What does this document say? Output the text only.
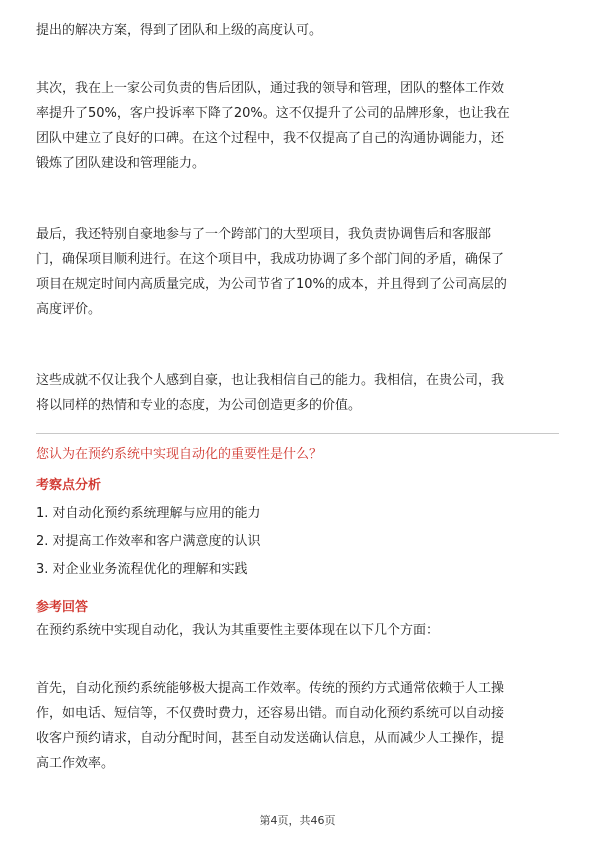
提出的解决方案，得到了团队和上级的高度认可。
其次，我在上一家公司负责的售后团队，通过我的领导和管理，团队的整体工作效
率提升了50%，客户投诉率下降了20%。这不仅提升了公司的品牌形象，也让我在
团队中建立了良好的口碑。在这个过程中，我不仅提高了自己的沟通协调能力，还
锻炼了团队建设和管理能力。
最后，我还特别自豪地参与了一个跨部门的大型项目，我负责协调售后和客服部
门，确保项目顺利进行。在这个项目中，我成功协调了多个部门间的矛盾，确保了
项目在规定时间内高质量完成，为公司节省了10%的成本，并且得到了公司高层的
高度评价。
这些成就不仅让我个人感到自豪，也让我相信自己的能力。我相信，在贵公司，我
将以同样的热情和专业的态度，为公司创造更多的价值。
您认为在预约系统中实现自动化的重要性是什么？
考察点分析
1. 对自动化预约系统理解与应用的能力
2. 对提高工作效率和客户满意度的认识
3. 对企业业务流程优化的理解和实践
参考回答
在预约系统中实现自动化，我认为其重要性主要体现在以下几个方面：
首先，自动化预约系统能够极大提高工作效率。传统的预约方式通常依赖于人工操
作，如电话、短信等，不仅费时费力，还容易出错。而自动化预约系统可以自动接
收客户预约请求，自动分配时间，甚至自动发送确认信息，从而减少人工操作，提
高工作效率。
第4页，共46页
